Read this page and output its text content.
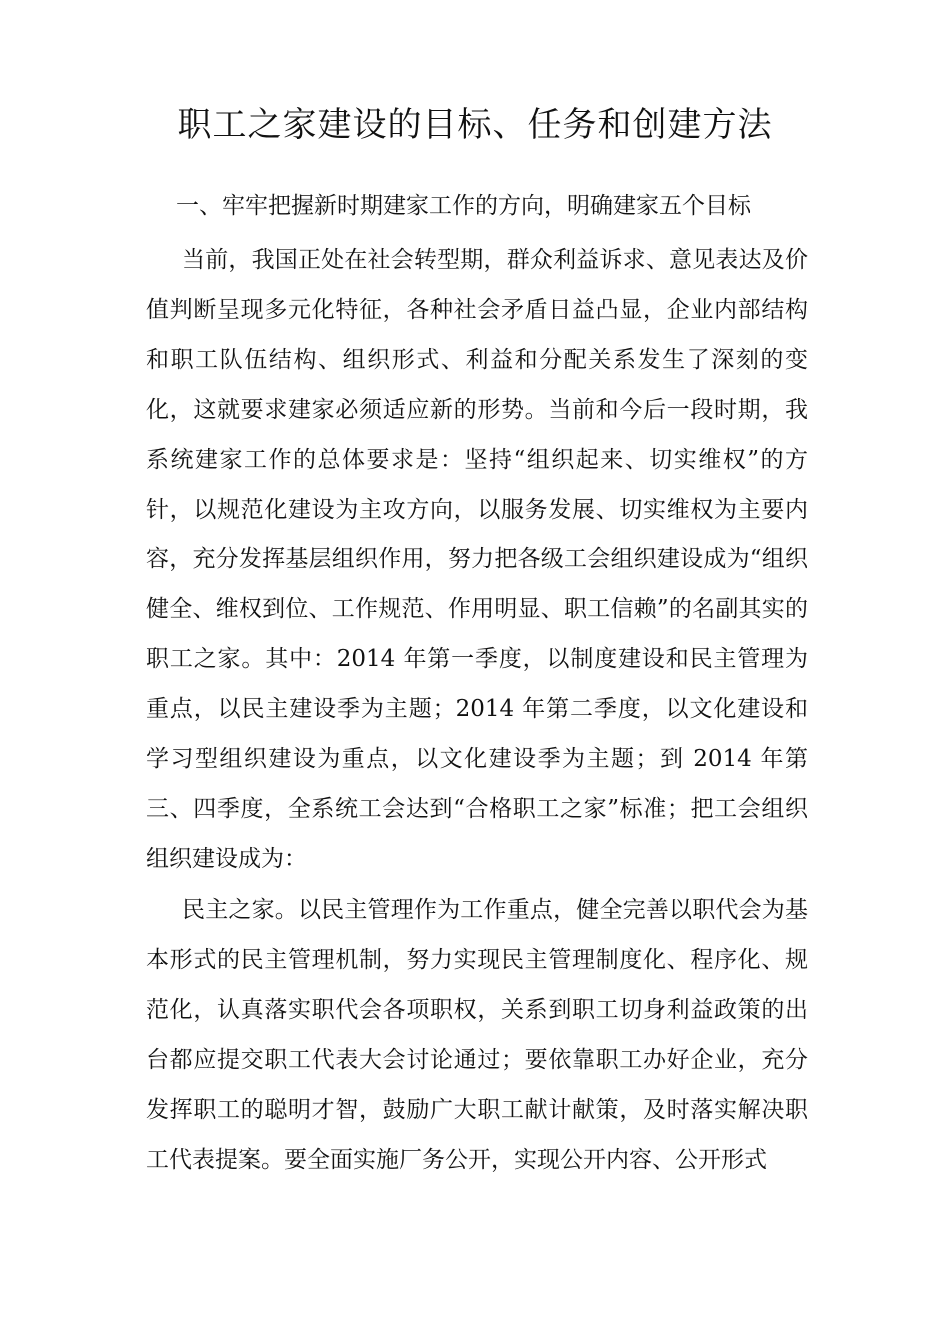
职工之家建设的目标、任务和创建方法
一、牢牢把握新时期建家工作的方向，明确建家五个目标

当前，我国正处在社会转型期，群众利益诉求、意见表达及价值判断呈现多元化特征，各种社会矛盾日益凸显，企业内部结构和职工队伍结构、组织形式、利益和分配关系发生了深刻的变化，这就要求建家必须适应新的形势。当前和今后一段时期，我系统建家工作的总体要求是：坚持“组织起来、切实维权”的方针，以规范化建设为主攻方向，以服务发展、切实维权为主要内容，充分发挥基层组织作用，努力把各级工会组织建设成为“组织健全、维权到位、工作规范、作用明显、职工信赖”的名副其实的职工之家。其中：2014 年第一季度，以制度建设和民主管理为重点，以民主建设季为主题；2014 年第二季度，以文化建设和学习型组织建设为重点，以文化建设季为主题；到 2014 年第三、四季度，全系统工会达到“合格职工之家”标准；把工会组织组织建设成为：

民主之家。以民主管理作为工作重点，健全完善以职代会为基本形式的民主管理机制，努力实现民主管理制度化、程序化、规范化，认真落实职代会各项职权，关系到职工切身利益政策的出台都应提交职工代表大会讨论通过；要依靠职工办好企业，充分发挥职工的聪明才智，鼓励广大职工献计献策，及时落实解决职工代表提案。要全面实施厂务公开，实现公开内容、公开形式
